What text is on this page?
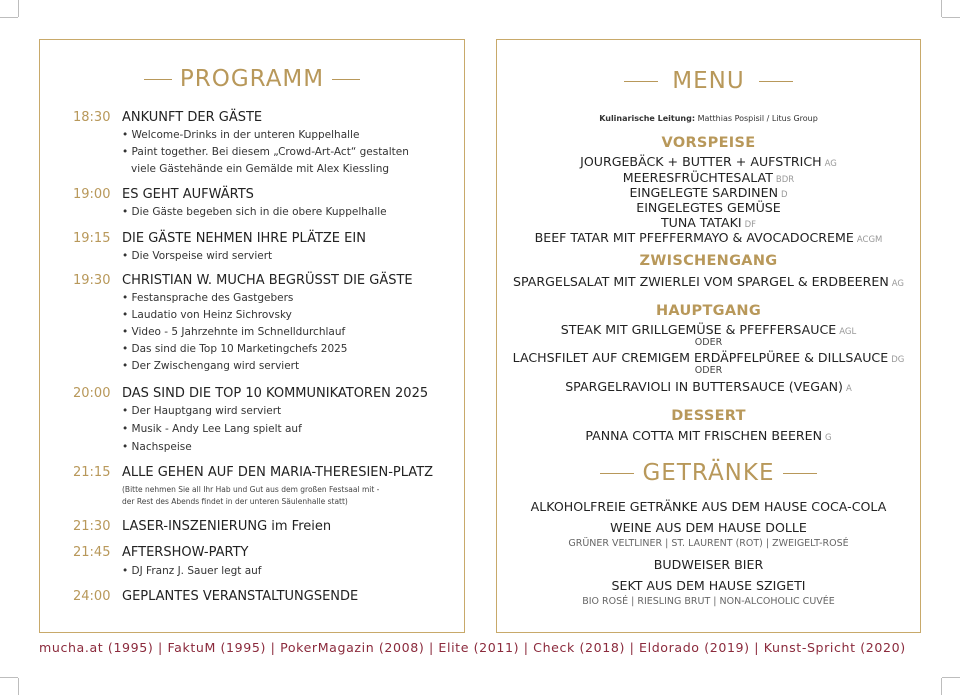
PROGRAMM
18:30 ANKUNFT DER GÄSTE
• Welcome-Drinks in der unteren Kuppelhalle
• Paint together. Bei diesem „Crowd-Art-Act“ gestalten
viele Gästehände ein Gemälde mit Alex Kiessling
19:00 ES GEHT AUFWÄRTS
• Die Gäste begeben sich in die obere Kuppelhalle
19:15 DIE GÄSTE NEHMEN IHRE PLÄTZE EIN
• Die Vorspeise wird serviert
19:30 CHRISTIAN W. MUCHA BEGRÜSST DIE GÄSTE
• Festansprache des Gastgebers
• Laudatio von Heinz Sichrovsky
• Video - 5 Jahrzehnte im Schnelldurchlauf
• Das sind die Top 10 Marketingchefs 2025
• Der Zwischengang wird serviert
20:00 DAS SIND DIE TOP 10 KOMMUNIKATOREN 2025
• Der Hauptgang wird serviert
• Musik - Andy Lee Lang spielt auf
• Nachspeise
21:15 ALLE GEHEN AUF DEN MARIA-THERESIEN-PLATZ
(Bitte nehmen Sie all Ihr Hab und Gut aus dem großen Festsaal mit -
der Rest des Abends findet in der unteren Säulenhalle statt)
21:30 LASER-INSZENIERUNG im Freien
21:45 AFTERSHOW-PARTY
• DJ Franz J. Sauer legt auf
24:00 GEPLANTES VERANSTALTUNGSENDE
MENU
Kulinarische Leitung: Matthias Pospisil / Litus Group
VORSPEISE
JOURGEBÄCK + BUTTER + AUFSTRICH AG
MEERESFRÜCHTESALAT BDR
EINGELEGTE SARDINEN D
EINGELEGTES GEMÜSE
TUNA TATAKI DF
BEEF TATAR MIT PFEFFERMAYO & AVOCADOCREME ACGM
ZWISCHENGANG
SPARGELSALAT MIT ZWIERLEI VOM SPARGEL & ERDBEEREN AG
HAUPTGANG
STEAK MIT GRILLGEMÜSE & PFEFFERSAUCE AGL
ODER
LACHSFILET AUF CREMIGEM ERDÄPFELPÜREE & DILLSAUCE DG
ODER
SPARGELRAVIOLI IN BUTTERSAUCE (VEGAN) A
DESSERT
PANNA COTTA MIT FRISCHEN BEEREN G
GETRÄNKE
ALKOHOLFREIE GETRÄNKE AUS DEM HAUSE COCA-COLA
WEINE AUS DEM HAUSE DOLLE
GRÜNER VELTLINER | ST. LAURENT (ROT) | ZWEIGELT-ROSÉ
BUDWEISER BIER
SEKT AUS DEM HAUSE SZIGETI
BIO ROSÉ | RIESLING BRUT | NON-ALCOHOLIC CUVÉE
mucha.at (1995) | FaktuM (1995) | PokerMagazin (2008) | Elite (2011) | Check (2018) | Eldorado (2019) | Kunst-Spricht (2020)
